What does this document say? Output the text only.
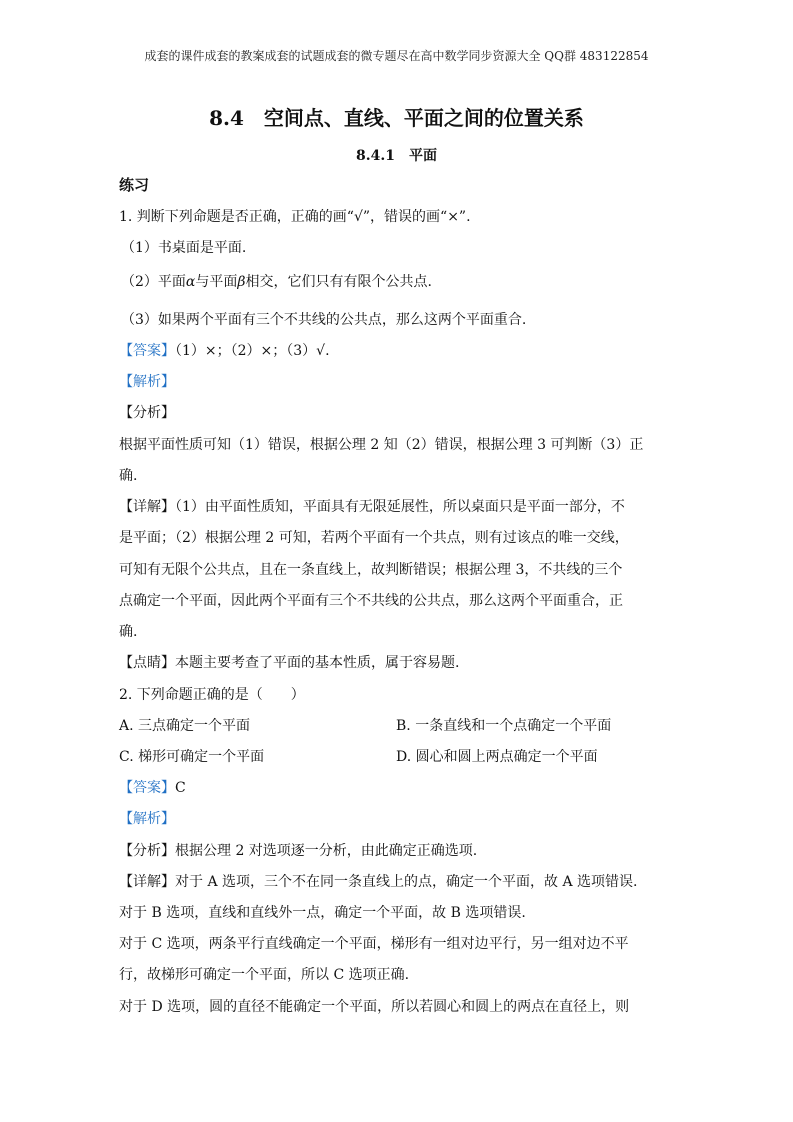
成套的课件成套的教案成套的试题成套的微专题尽在高中数学同步资源大全 QQ群 483122854
8.4　空间点、直线、平面之间的位置关系
8.4.1　平面
练习
1. 判断下列命题是否正确，正确的画“√”，错误的画“×”.
（1）书桌面是平面.
（2）平面α与平面β相交，它们只有有限个公共点.
（3）如果两个平面有三个不共线的公共点，那么这两个平面重合.
【答案】（1）×；（2）×；（3）√.
【解析】
【分析】
根据平面性质可知（1）错误，根据公理 2 知（2）错误，根据公理 3 可判断（3）正
确.
【详解】（1）由平面性质知，平面具有无限延展性，所以桌面只是平面一部分，不
是平面；（2）根据公理 2 可知，若两个平面有一个共点，则有过该点的唯一交线，
可知有无限个公共点，且在一条直线上，故判断错误；根据公理 3，不共线的三个
点确定一个平面，因此两个平面有三个不共线的公共点，那么这两个平面重合，正
确.
【点睛】本题主要考查了平面的基本性质，属于容易题.
2. 下列命题正确的是（　　）
A. 三点确定一个平面	B. 一条直线和一个点确定一个平面
C. 梯形可确定一个平面	D. 圆心和圆上两点确定一个平面
【答案】C
【解析】
【分析】根据公理 2 对选项逐一分析，由此确定正确选项.
【详解】对于 A 选项，三个不在同一条直线上的点，确定一个平面，故 A 选项错误.
对于 B 选项，直线和直线外一点，确定一个平面，故 B 选项错误.
对于 C 选项，两条平行直线确定一个平面，梯形有一组对边平行，另一组对边不平
行，故梯形可确定一个平面，所以 C 选项正确.
对于 D 选项，圆的直径不能确定一个平面，所以若圆心和圆上的两点在直径上，则
